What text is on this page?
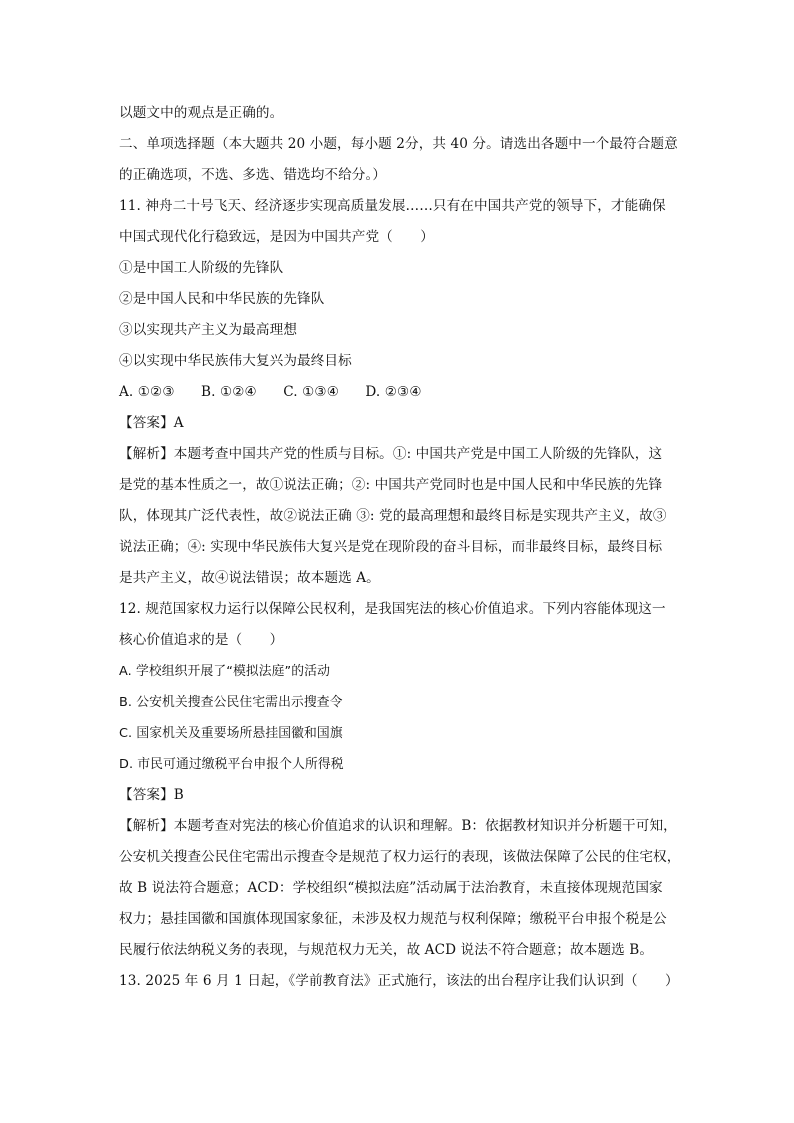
以题文中的观点是正确的。
二、单项选择题（本大题共 20 小题，每小题 2分，共 40 分。请选出各题中一个最符合题意
的正确选项，不选、多选、错选均不给分。）
11. 神舟二十号飞天、经济逐步实现高质量发展……只有在中国共产党的领导下，才能确保
中国式现代化行稳致远，是因为中国共产党（　　）
①是中国工人阶级的先锋队
②是中国人民和中华民族的先锋队
③以实现共产主义为最高理想
④以实现中华民族伟大复兴为最终目标
A. ①②③ B. ①②④ C. ①③④ D. ②③④
【答案】A
【解析】本题考查中国共产党的性质与目标。①: 中国共产党是中国工人阶级的先锋队，这
是党的基本性质之一，故①说法正确；②: 中国共产党同时也是中国人民和中华民族的先锋
队，体现其广泛代表性，故②说法正确 ③: 党的最高理想和最终目标是实现共产主义，故③
说法正确；④: 实现中华民族伟大复兴是党在现阶段的奋斗目标，而非最终目标，最终目标
是共产主义，故④说法错误；故本题选 A。
12. 规范国家权力运行以保障公民权利，是我国宪法的核心价值追求。下列内容能体现这一
核心价值追求的是（　　）
A. 学校组织开展了“模拟法庭”的活动
B. 公安机关搜查公民住宅需出示搜查令
C. 国家机关及重要场所悬挂国徽和国旗
D. 市民可通过缴税平台申报个人所得税
【答案】B
【解析】本题考查对宪法的核心价值追求的认识和理解。B：依据教材知识并分析题干可知，
公安机关搜查公民住宅需出示搜查令是规范了权力运行的表现，该做法保障了公民的住宅权，
故 B 说法符合题意；ACD：学校组织“模拟法庭”活动属于法治教育，未直接体现规范国家
权力；悬挂国徽和国旗体现国家象征，未涉及权力规范与权利保障；缴税平台申报个税是公
民履行依法纳税义务的表现，与规范权力无关，故 ACD 说法不符合题意；故本题选 B。
13. 2025 年 6 月 1 日起，《学前教育法》正式施行，该法的出台程序让我们认识到（　　）
